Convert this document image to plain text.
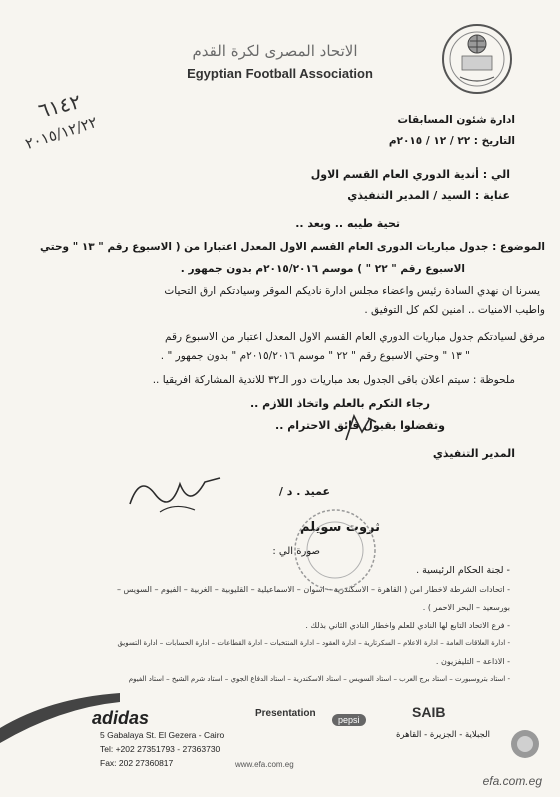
الاتحاد المصرى لكرة القدم
Egyptian Football Association
٦١٤٢
٢٠١٥/١٢/٢٢	ادارة شئون المسابقات
التاريخ : ٢٢ / ١٢ / ٢٠١٥م
الي : أندية الدوري العام القسم الاول
عناية : السيد / المدير التنفيذي
تحية طيبه .. وبعد ..
الموضوع : جدول مباريات الدورى العام القسم الاول المعدل اعتبارا من ( الاسبوع رقم " ١٣ " وحتي
الاسبوع رقم " ٢٢ " ) موسم ٢٠١٥/٢٠١٦م بدون جمهور .
يسرنا ان نهدي السادة رئيس واعضاء مجلس ادارة ناديكم الموقر وسيادتكم ارق التحيات
واطيب الامنيات .. امنين لكم كل التوفيق .
مرفق لسيادتكم جدول مباريات الدوري العام القسم الاول المعدل اعتبار من الاسبوع رقم
" ١٣ " وحتي الاسبوع رقم " ٢٢ " موسم ٢٠١٥/٢٠١٦م " بدون جمهور " .
ملحوظة : سيتم اعلان باقى الجدول بعد مباريات دور الـ٣٢ للاندية المشاركة افريقيا ..
رجاء التكرم بالعلم واتخاذ اللازم ..
وتفضلوا بقبول فائق الاحترام ..
المدير التنفيذي
عميد . د /
ثروت سويلم
صورة الي :
- لجنة الحكام الرئيسية .
- اتحادات الشرطة لاخطار امن ( القاهرة – الاسكندرية – اسوان – الاسماعيلية – القليوبية – الغربية – الفيوم – السويس –
بورسعيد – البحر الاحمر ) .
- فرع الاتحاد التابع لها النادي للعلم واخطار النادي الثاني بذلك .
- ادارة العلاقات العامة – ادارة الاعلام – السكرتارية – ادارة العقود – ادارة المنتخبات – ادارة القطاعات – ادارة الحسابات – ادارة التسويق
- الاذاعة – التليفزيون .
- استاد بتروسبورت – استاد برج العرب – استاد السويس – استاد الاسكندرية – استاد الدفاع الجوي – استاد شرم الشيخ – استاد الفيوم
adidas	Presentation
pepsi	SAIB
5 Gabalaya St. El Gezera - Cairo
Tel: +202 27351793 - 27363730
Fax: 202 27360817
الجبلاية - الجزيرة - القاهرة
www.efa.com.eg
efa.com.eg
